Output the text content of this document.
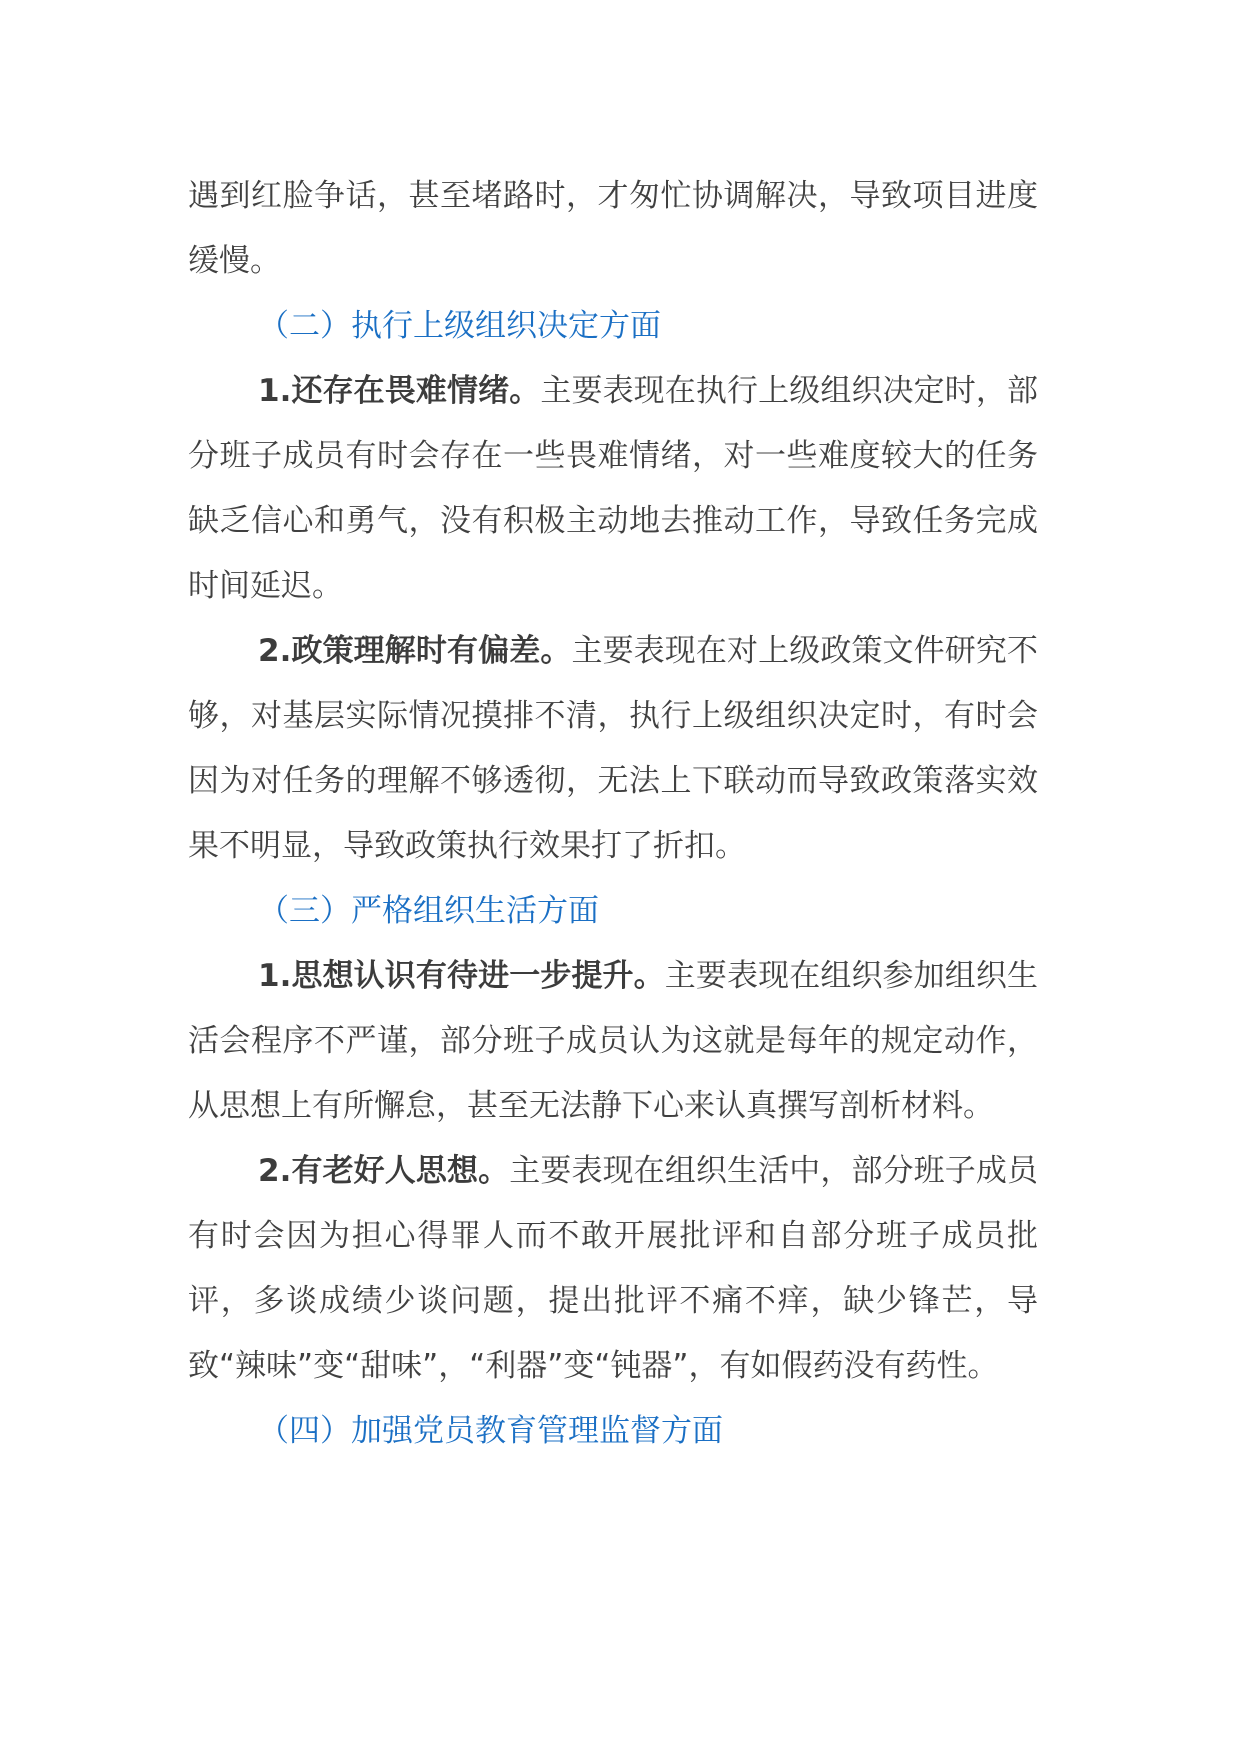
遇到红脸争话，甚至堵路时，才匆忙协调解决，导致项目进度缓慢。

（二）执行上级组织决定方面

1.还存在畏难情绪。主要表现在执行上级组织决定时，部分班子成员有时会存在一些畏难情绪，对一些难度较大的任务缺乏信心和勇气，没有积极主动地去推动工作，导致任务完成时间延迟。

2.政策理解时有偏差。主要表现在对上级政策文件研究不够，对基层实际情况摸排不清，执行上级组织决定时，有时会因为对任务的理解不够透彻，无法上下联动而导致政策落实效果不明显，导致政策执行效果打了折扣。

（三）严格组织生活方面

1.思想认识有待进一步提升。主要表现在组织参加组织生活会程序不严谨，部分班子成员认为这就是每年的规定动作，从思想上有所懈怠，甚至无法静下心来认真撰写剖析材料。

2.有老好人思想。主要表现在组织生活中，部分班子成员有时会因为担心得罪人而不敢开展批评和自部分班子成员批评，多谈成绩少谈问题，提出批评不痛不痒，缺少锋芒，导致“辣味”变“甜味”，“利器”变“钝器”，有如假药没有药性。

（四）加强党员教育管理监督方面
